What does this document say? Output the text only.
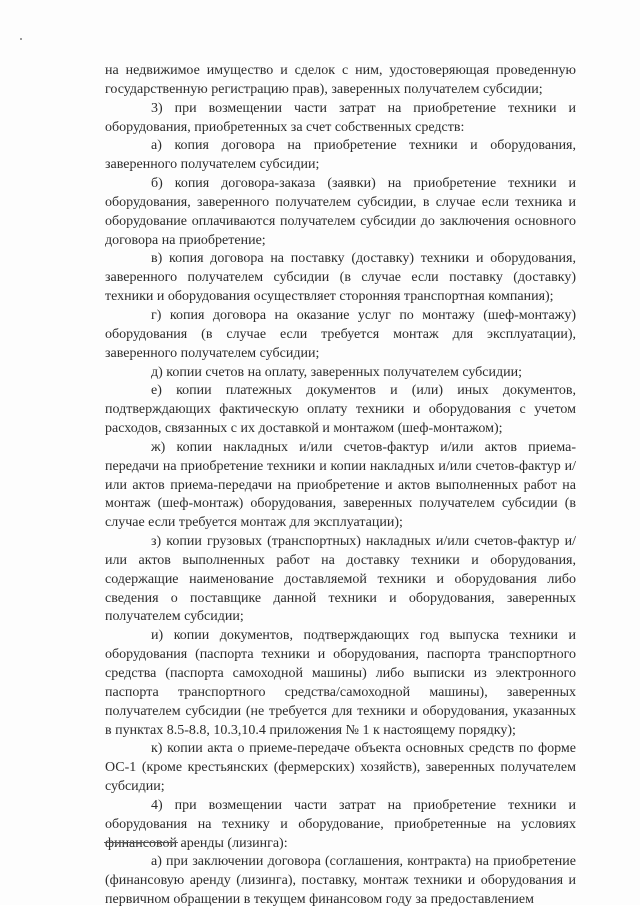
на недвижимое имущество и сделок с ним, удостоверяющая проведенную государственную регистрацию прав), заверенных получателем субсидии;

3) при возмещении части затрат на приобретение техники и оборудования, приобретенных за счет собственных средств:

а) копия договора на приобретение техники и оборудования, заверенного получателем субсидии;

б) копия договора-заказа (заявки) на приобретение техники и оборудования, заверенного получателем субсидии, в случае если техника и оборудование оплачиваются получателем субсидии до заключения основного договора на приобретение;

в) копия договора на поставку (доставку) техники и оборудования, заверенного получателем субсидии (в случае если поставку (доставку) техники и оборудования осуществляет сторонняя транспортная компания);

г) копия договора на оказание услуг по монтажу (шеф-монтажу) оборудования (в случае если требуется монтаж для эксплуатации), заверенного получателем субсидии;

д) копии счетов на оплату, заверенных получателем субсидии;

е) копии платежных документов и (или) иных документов, подтверждающих фактическую оплату техники и оборудования с учетом расходов, связанных с их доставкой и монтажом (шеф-монтажом);

ж) копии накладных и/или счетов-фактур и/или актов приема-передачи на приобретение техники и копии накладных и/или счетов-фактур и/или актов приема-передачи на приобретение и актов выполненных работ на монтаж (шеф-монтаж) оборудования, заверенных получателем субсидии (в случае если требуется монтаж для эксплуатации);

з) копии грузовых (транспортных) накладных и/или счетов-фактур и/или актов выполненных работ на доставку техники и оборудования, содержащие наименование доставляемой техники и оборудования либо сведения о поставщике данной техники и оборудования, заверенных получателем субсидии;

и) копии документов, подтверждающих год выпуска техники и оборудования (паспорта техники и оборудования, паспорта транспортного средства (паспорта самоходной машины) либо выписки из электронного паспорта транспортного средства/самоходной машины), заверенных получателем субсидии (не требуется для техники и оборудования, указанных в пунктах 8.5-8.8, 10.3,10.4 приложения № 1 к настоящему порядку);

к) копии акта о приеме-передаче объекта основных средств по форме ОС-1 (кроме крестьянских (фермерских) хозяйств), заверенных получателем субсидии;

4) при возмещении части затрат на приобретение техники и оборудования на технику и оборудование, приобретенные на условиях финансовой аренды (лизинга):

а) при заключении договора (соглашения, контракта) на приобретение (финансовую аренду (лизинга), поставку, монтаж техники и оборудования и первичном обращении в текущем финансовом году за предоставлением
